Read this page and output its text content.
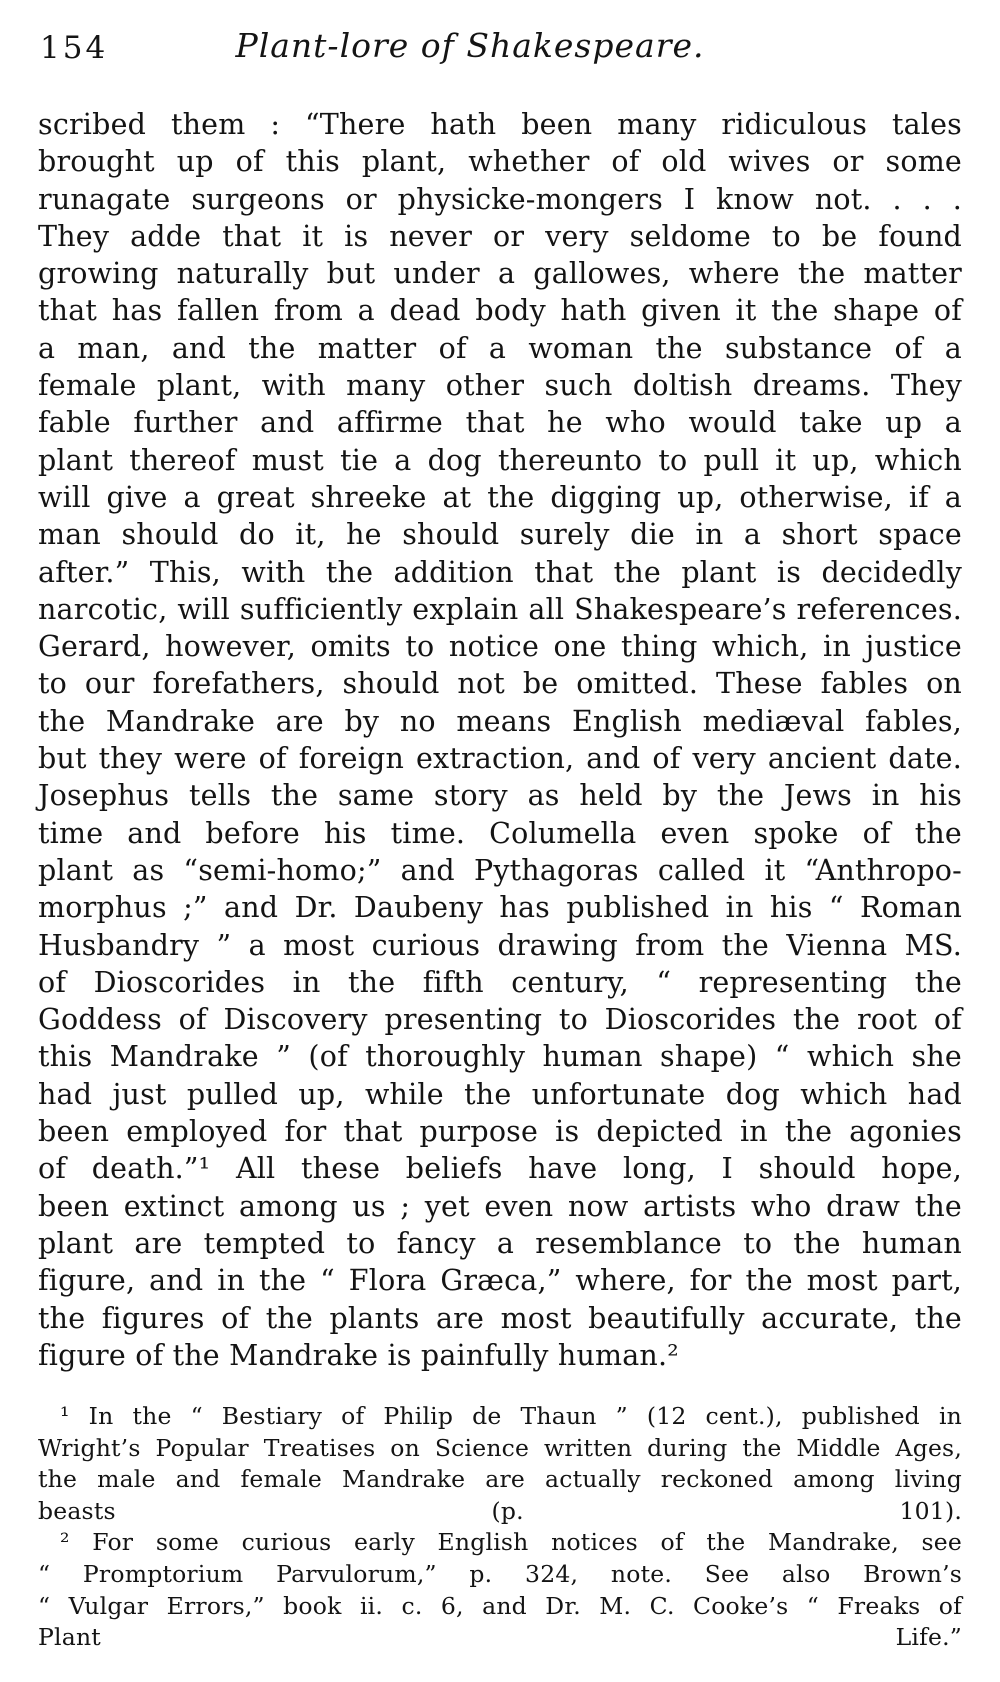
154	Plant-lore of Shakespeare.
scribed them : “There hath been many ridiculous tales
brought up of this plant, whether of old wives or some
runagate surgeons or physicke-mongers I know not. . . .
They adde that it is never or very seldome to be found
growing naturally but under a gallowes, where the matter
that has fallen from a dead body hath given it the shape of
a man, and the matter of a woman the substance of a
female plant, with many other such doltish dreams. They
fable further and affirme that he who would take up a
plant thereof must tie a dog thereunto to pull it up, which
will give a great shreeke at the digging up, otherwise, if a
man should do it, he should surely die in a short space
after.” This, with the addition that the plant is decidedly
narcotic, will sufficiently explain all Shakespeare’s references.
Gerard, however, omits to notice one thing which, in justice
to our forefathers, should not be omitted. These fables on
the Mandrake are by no means English mediæval fables,
but they were of foreign extraction, and of very ancient date.
Josephus tells the same story as held by the Jews in his
time and before his time. Columella even spoke of the
plant as “semi-homo;” and Pythagoras called it “Anthropo-
morphus ;” and Dr. Daubeny has published in his “ Roman
Husbandry ” a most curious drawing from the Vienna MS.
of Dioscorides in the fifth century, “ representing the
Goddess of Discovery presenting to Dioscorides the root of
this Mandrake ” (of thoroughly human shape) “ which she
had just pulled up, while the unfortunate dog which had
been employed for that purpose is depicted in the agonies
of death.”¹ All these beliefs have long, I should hope,
been extinct among us ; yet even now artists who draw the
plant are tempted to fancy a resemblance to the human
figure, and in the “ Flora Græca,” where, for the most part,
the figures of the plants are most beautifully accurate, the
figure of the Mandrake is painfully human.²
¹ In the “ Bestiary of Philip de Thaun ” (12 cent.), published in
Wright’s Popular Treatises on Science written during the Middle Ages,
the male and female Mandrake are actually reckoned among living
beasts (p. 101).
² For some curious early English notices of the Mandrake, see
“ Promptorium Parvulorum,” p. 324, note. See also Brown’s
“ Vulgar Errors,” book ii. c. 6, and Dr. M. C. Cooke’s “ Freaks of
Plant Life.”
